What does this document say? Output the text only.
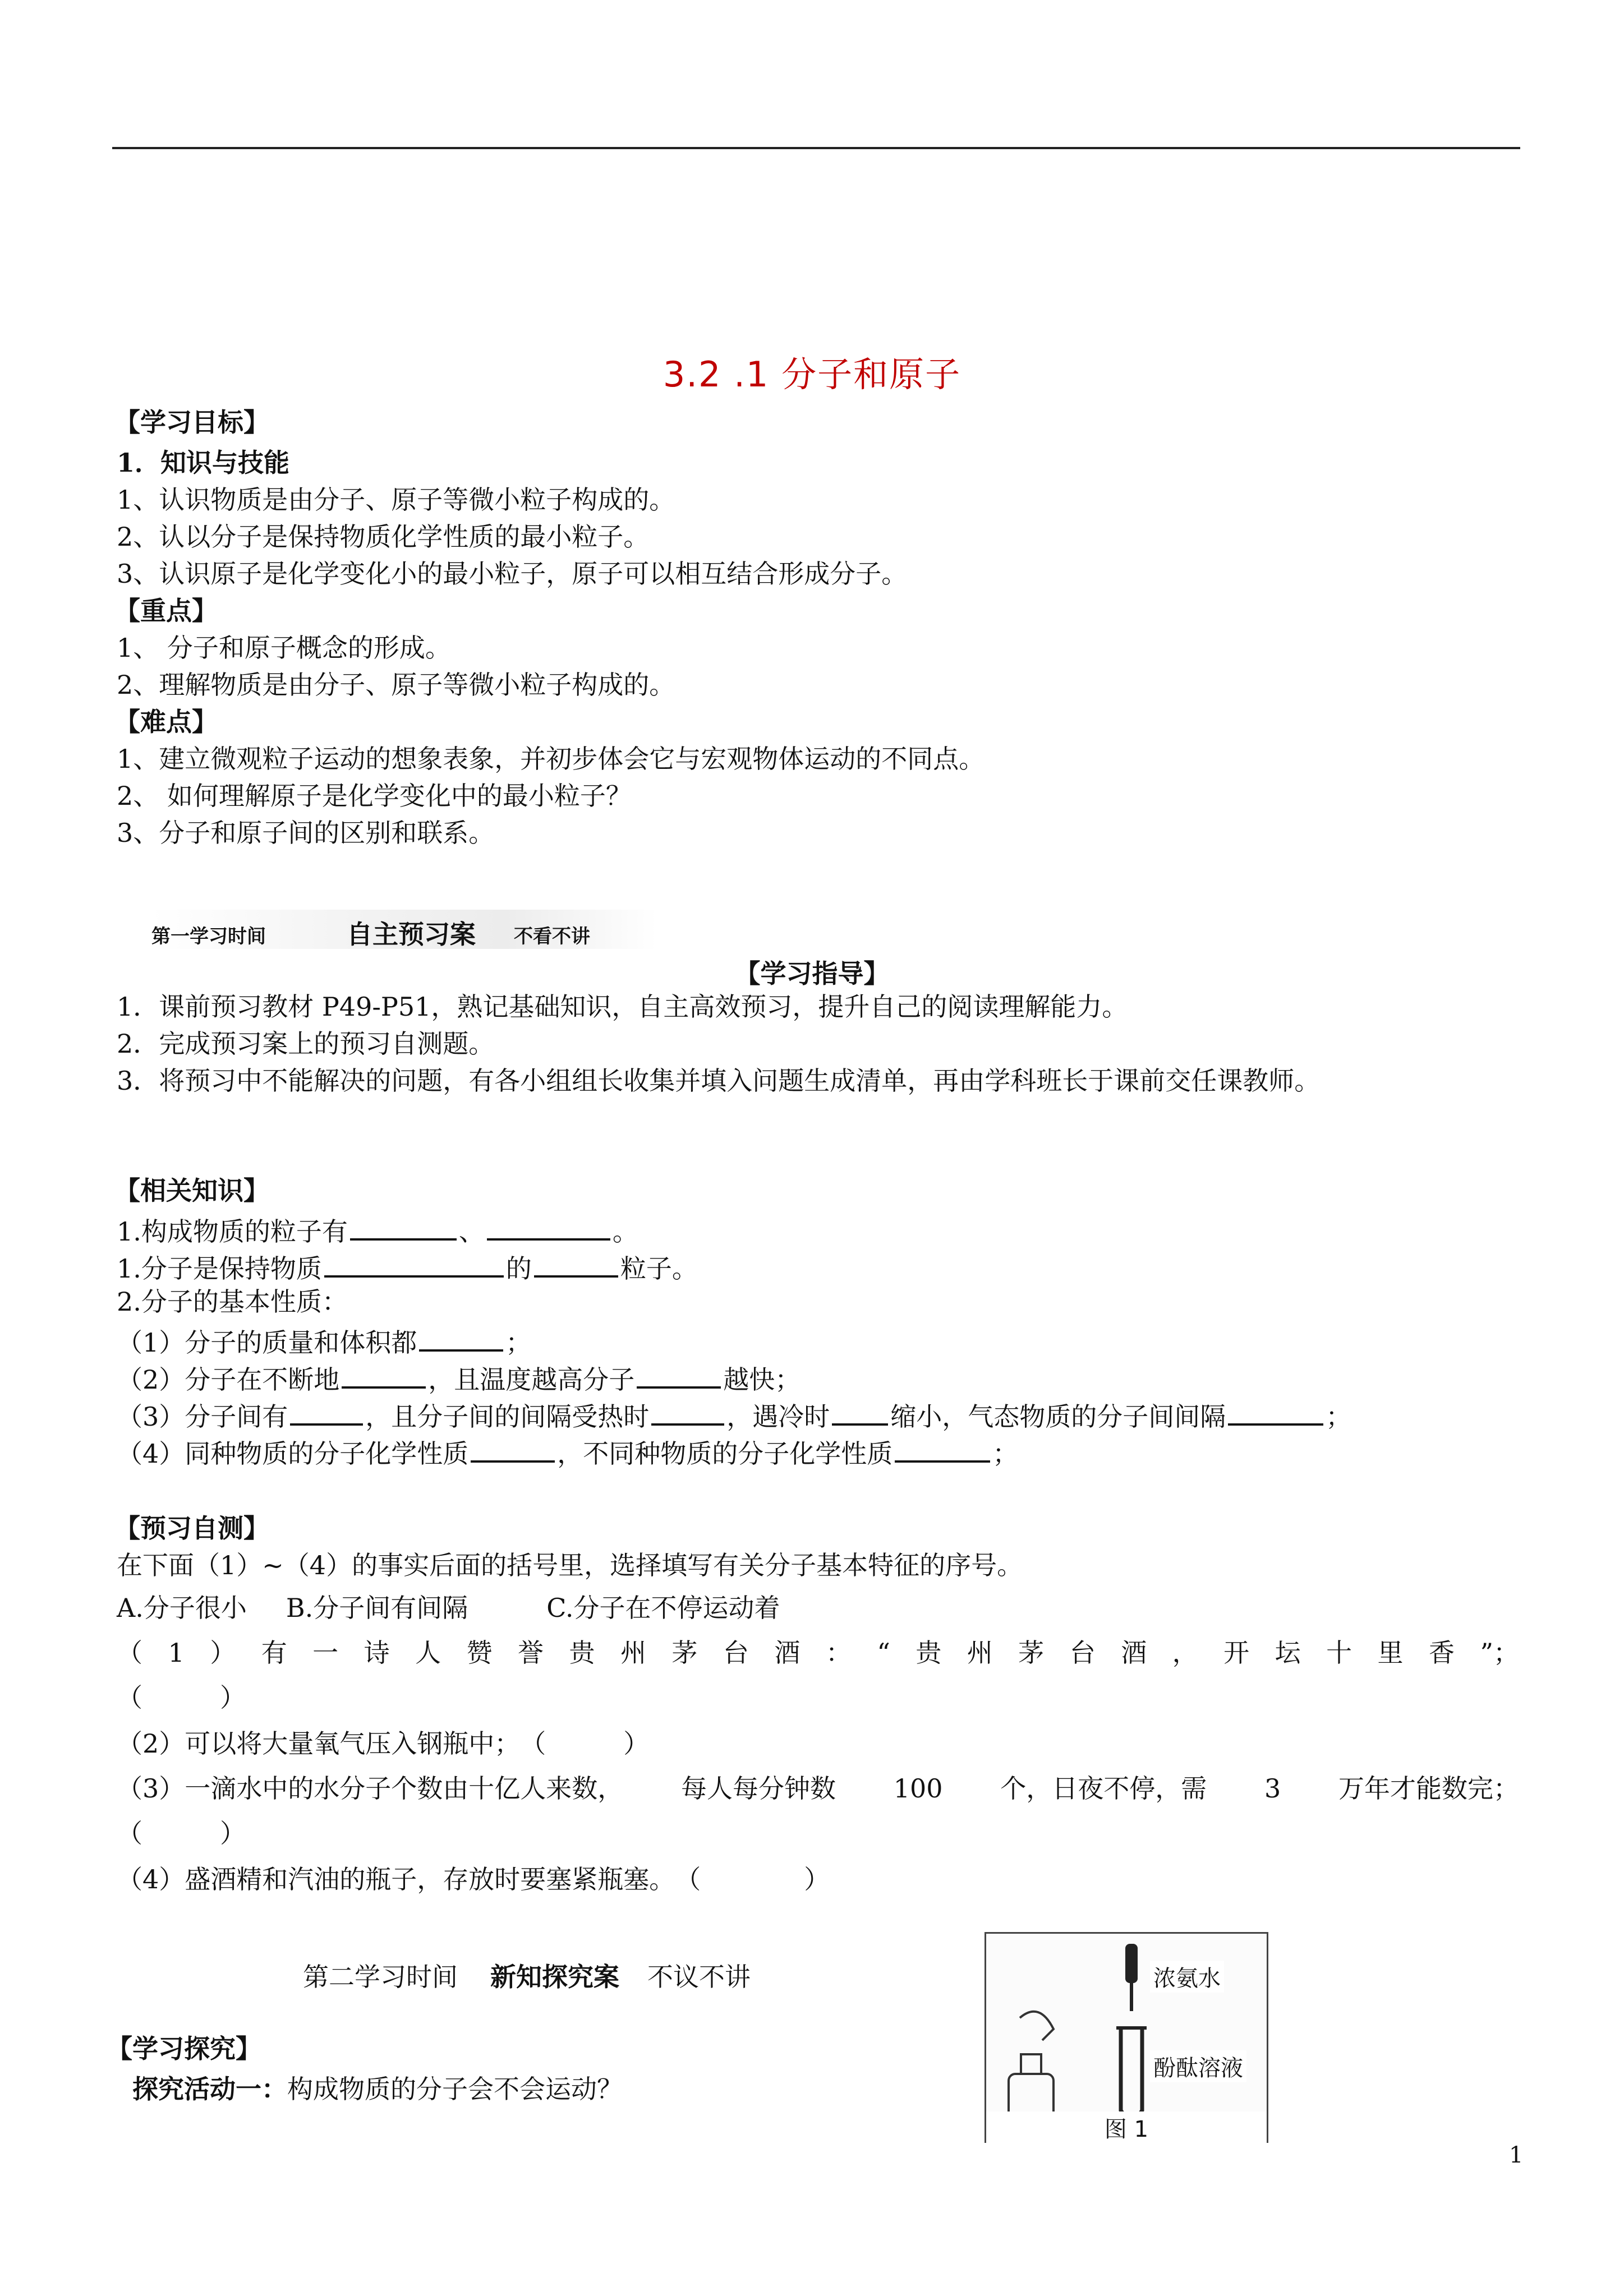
3.2 .1 分子和原子
【学习目标】
1．知识与技能
1、认识物质是由分子、原子等微小粒子构成的。
2、认以分子是保持物质化学性质的最小粒子。
3、认识原子是化学变化小的最小粒子，原子可以相互结合形成分子。
【重点】
1、 分子和原子概念的形成。
2、理解物质是由分子、原子等微小粒子构成的。
【难点】
1、建立微观粒子运动的想象表象，并初步体会它与宏观物体运动的不同点。
2、 如何理解原子是化学变化中的最小粒子？
3、分子和原子间的区别和联系。
第一学习时间	自主预习案 不看不讲
【学习指导】
1．课前预习教材 P49-P51，熟记基础知识，自主高效预习，提升自己的阅读理解能力。
2．完成预习案上的预习自测题。
3．将预习中不能解决的问题，有各小组组长收集并填入问题生成清单，再由学科班长于课前交任课教师。
【相关知识】
1.构成物质的粒子有	、	。
1.分子是保持物质	的	粒子。
2.分子的基本性质：
（1）分子的质量和体积都	；
（2）分子在不断地	，且温度越高分子	越快；
（3）分子间有	，且分子间的间隔受热时	，遇冷时 缩小，气态物质的分子间间隔	；
（4）同种物质的分子化学性质	，不同种物质的分子化学性质	；
【预习自测】
在下面（1）~（4）的事实后面的括号里，选择填写有关分子基本特征的序号。
A.分子很小 B.分子间有间隔	C.分子在不停运动着
（ 1 ） 有 一 诗 人 赞 誉 贵 州 茅 台 酒 ： “ 贵 州 茅 台 酒 ， 开 坛 十 里 香 ”；
（　　　）
（2）可以将大量氧气压入钢瓶中；　（　　　）
（3）一滴水中的水分子个数由十亿人来数， 每人每分钟数 100 个，日夜不停，需 3 万年才能数完；
（　　　）
（4）盛酒精和汽油的瓶子，存放时要塞紧瓶塞。　（　　　　）
第二学习时间 新知探究案 不议不讲
【学习探究】
探究活动一：构成物质的分子会不会运动？
浓氨水
酚酞溶液
图 1
1
